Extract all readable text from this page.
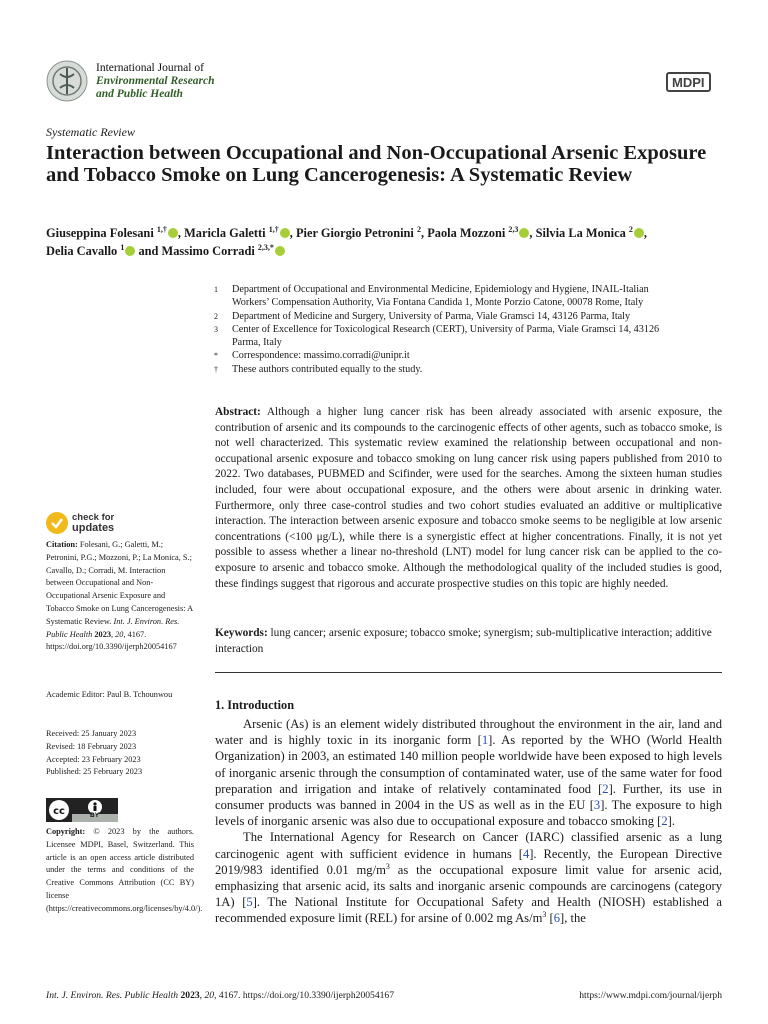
International Journal of
Environmental Research
and Public Health
MDPI
Systematic Review
Interaction between Occupational and Non-Occupational Arsenic Exposure and Tobacco Smoke on Lung Cancerogenesis: A Systematic Review
Giuseppina Folesani $^{1,\dagger}$ , Maricla Galetti $^{1,\dagger}$ , Pier Giorgio Petronini $^2$, Paola Mozzoni $^{2,3}$ , Silvia La Monica $^2$ ,
Delia Cavallo $^1$ and Massimo Corradi $^{2,3,*}$
1	Department of Occupational and Environmental Medicine, Epidemiology and Hygiene, INAIL-Italian Workers’ Compensation Authority, Via Fontana Candida 1, Monte Porzio Catone, 00078 Rome, Italy
2	Department of Medicine and Surgery, University of Parma, Viale Gramsci 14, 43126 Parma, Italy
3	Center of Excellence for Toxicological Research (CERT), University of Parma, Viale Gramsci 14, 43126 Parma, Italy
*	Correspondence: massimo.corradi@unipr.it
†	These authors contributed equally to the study.
Abstract: Although a higher lung cancer risk has been already associated with arsenic exposure, the contribution of arsenic and its compounds to the carcinogenic effects of other agents, such as tobacco smoke, is not well characterized. This systematic review examined the relationship between occupational and non-occupational arsenic exposure and tobacco smoking on lung cancer risk using papers published from 2010 to 2022. Two databases, PUBMED and Scifinder, were used for the searches. Among the sixteen human studies included, four were about occupational exposure, and the others were about arsenic in drinking water. Furthermore, only three case-control studies and two cohort studies evaluated an additive or multiplicative interaction. The interaction between arsenic exposure and tobacco smoke seems to be negligible at low arsenic concentrations (<100 μg/L), while there is a synergistic effect at higher concentrations. Finally, it is not yet possible to assess whether a linear no-threshold (LNT) model for lung cancer risk can be applied to the co-exposure to arsenic and tobacco smoke. Although the methodological quality of the included studies is good, these findings suggest that rigorous and accurate prospective studies on this topic are highly needed.
Keywords: lung cancer; arsenic exposure; tobacco smoke; synergism; sub-multiplicative interaction; additive interaction
check for
updates
Citation: Folesani, G.; Galetti, M.; Petronini, P.G.; Mozzoni, P.; La Monica, S.; Cavallo, D.; Corradi, M. Interaction between Occupational and Non-Occupational Arsenic Exposure and Tobacco Smoke on Lung Cancerogenesis: A Systematic Review. Int. J. Environ. Res. Public Health 2023, 20, 4167. https://doi.org/10.3390/ijerph20054167
Academic Editor: Paul B. Tchounwou
Received: 25 January 2023
Revised: 18 February 2023
Accepted: 23 February 2023
Published: 25 February 2023
cc	BY
Copyright: © 2023 by the authors. Licensee MDPI, Basel, Switzerland. This article is an open access article distributed under the terms and conditions of the Creative Commons Attribution (CC BY) license (https://creativecommons.org/licenses/by/4.0/).
1. Introduction

Arsenic (As) is an element widely distributed throughout the environment in the air, land and water and is highly toxic in its inorganic form [1]. As reported by the WHO (World Health Organization) in 2003, an estimated 140 million people worldwide have been exposed to high levels of inorganic arsenic through the consumption of contaminated water, use of the same water for food preparation and irrigation and intake of relatively contaminated food [2]. Further, its use in consumer products was banned in 2004 in the US as well as in the EU [3]. The exposure to high levels of inorganic arsenic was also due to occupational exposure and tobacco smoking [2].

The International Agency for Research on Cancer (IARC) classified arsenic as a lung carcinogenic agent with sufficient evidence in humans [4]. Recently, the European Directive 2019/983 identified 0.01 $mg/m^3$ as the occupational exposure limit value for arsenic acid, emphasizing that arsenic acid, its salts and inorganic arsenic compounds are carcinogens (category 1A) [5]. The National Institute for Occupational Safety and Health (NIOSH) established a recommended exposure limit (REL) for arsine of 0.002 mg $As/m^3$ [6], the

Int. J. Environ. Res. Public Health 2023, 20, 4167. https://doi.org/10.3390/ijerph20054167	https://www.mdpi.com/journal/ijerph
